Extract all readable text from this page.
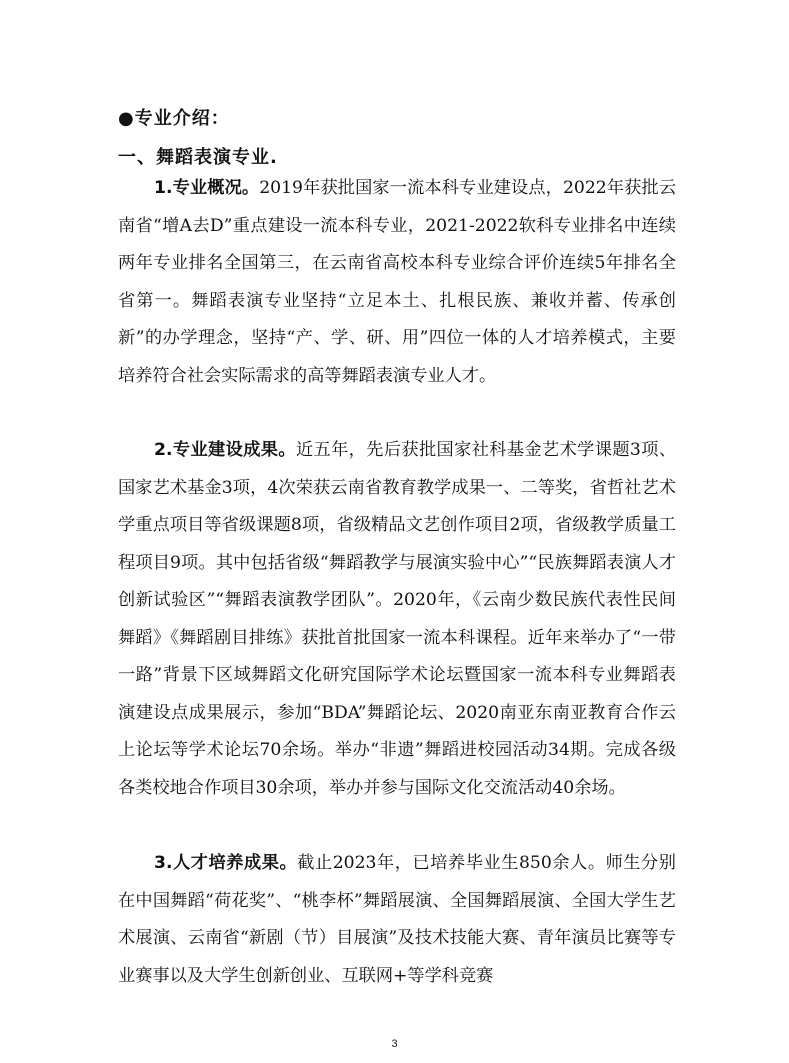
●专业介绍：
一、舞蹈表演专业.

1.专业概况。2019年获批国家一流本科专业建设点，2022年获批云南省“增A去D”重点建设一流本科专业，2021-2022软科专业排名中连续两年专业排名全国第三，在云南省高校本科专业综合评价连续5年排名全省第一。舞蹈表演专业坚持“立足本土、扎根民族、兼收并蓄、传承创新”的办学理念，坚持“产、学、研、用”四位一体的人才培养模式，主要培养符合社会实际需求的高等舞蹈表演专业人才。

2.专业建设成果。近五年，先后获批国家社科基金艺术学课题3项、国家艺术基金3项，4次荣获云南省教育教学成果一、二等奖，省哲社艺术学重点项目等省级课题8项，省级精品文艺创作项目2项，省级教学质量工程项目9项。其中包括省级“舞蹈教学与展演实验中心”“民族舞蹈表演人才创新试验区”“舞蹈表演教学团队”。2020年，《云南少数民族代表性民间舞蹈》《舞蹈剧目排练》获批首批国家一流本科课程。近年来举办了“一带一路”背景下区域舞蹈文化研究国际学术论坛暨国家一流本科专业舞蹈表演建设点成果展示，参加“BDA”舞蹈论坛、2020南亚东南亚教育合作云上论坛等学术论坛70余场。举办“非遗”舞蹈进校园活动34期。完成各级各类校地合作项目30余项，举办并参与国际文化交流活动40余场。

3.人才培养成果。截止2023年，已培养毕业生850余人。师生分别在中国舞蹈“荷花奖”、“桃李杯”舞蹈展演、全国舞蹈展演、全国大学生艺术展演、云南省“新剧（节）目展演”及技术技能大赛、青年演员比赛等专业赛事以及大学生创新创业、互联网+等学科竞赛

3
